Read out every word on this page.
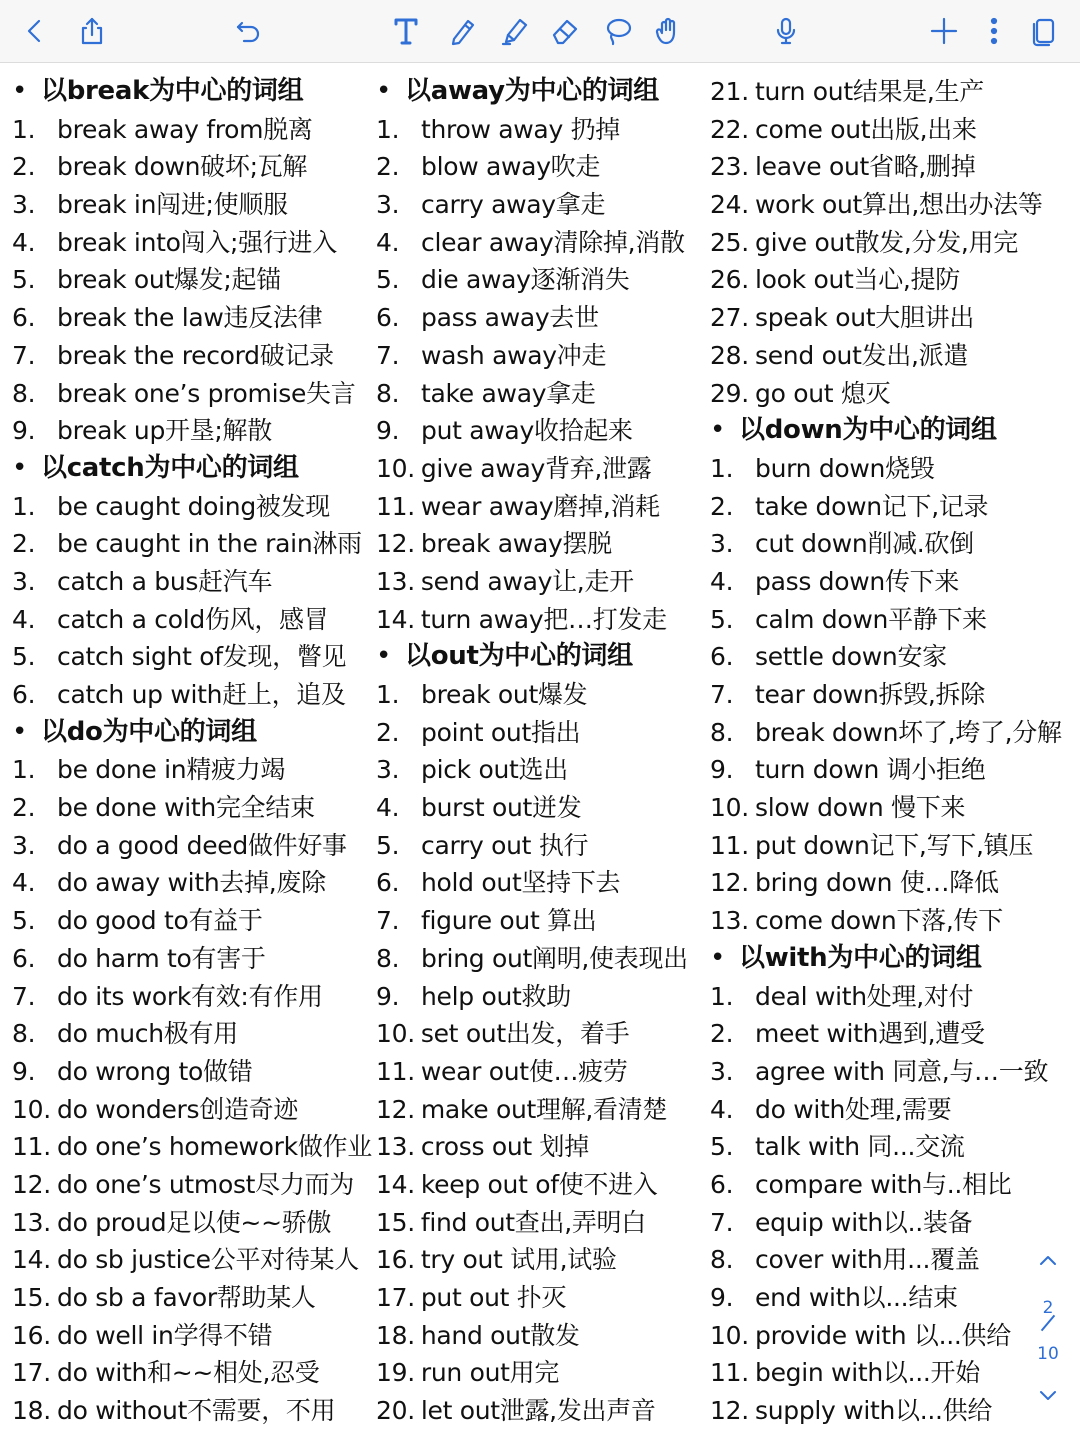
• 以break为中心的词组
1. break away from脱离
2. break down破坏;瓦解
3. break in闯进;使顺服
4. break into闯入;强行进入
5. break out爆发;起锚
6. break the law违反法律
7. break the record破记录
8. break one’s promise失言
9. break up开垦;解散
• 以catch为中心的词组
1. be caught doing被发现
2. be caught in the rain淋雨
3. catch a bus赶汽车
4. catch a cold伤风，感冒
5. catch sight of发现，瞥见
6. catch up with赶上，追及
• 以do为中心的词组
1. be done in精疲力竭
2. be done with完全结束
3. do a good deed做件好事
4. do away with去掉,废除
5. do good to有益于
6. do harm to有害于
7. do its work有效:有作用
8. do much极有用
9. do wrong to做错
10. do wonders创造奇迹
11. do one’s homework做作业
12. do one’s utmost尽力而为
13. do proud足以使~~骄傲
14. do sb justice公平对待某人
15. do sb a favor帮助某人
16. do well in学得不错
17. do with和~~相处,忍受
18. do without不需要，不用
• 以away为中心的词组
1. throw away 扔掉
2. blow away吹走
3. carry away拿走
4. clear away清除掉,消散
5. die away逐渐消失
6. pass away去世
7. wash away冲走
8. take away拿走
9. put away收拾起来
10. give away背弃,泄露
11. wear away磨掉,消耗
12. break away摆脱
13. send away让,走开
14. turn away把…打发走
• 以out为中心的词组
1. break out爆发
2. point out指出
3. pick out选出
4. burst out迸发
5. carry out 执行
6. hold out坚持下去
7. figure out 算出
8. bring out阐明,使表现出
9. help out救助
10. set out出发，着手
11. wear out使…疲劳
12. make out理解,看清楚
13. cross out 划掉
14. keep out of使不进入
15. find out查出,弄明白
16. try out 试用,试验
17. put out 扑灭
18. hand out散发
19. run out用完
20. let out泄露,发出声音
21. turn out结果是,生产
22. come out出版,出来
23. leave out省略,删掉
24. work out算出,想出办法等
25. give out散发,分发,用完
26. look out当心,提防
27. speak out大胆讲出
28. send out发出,派遣
29. go out 熄灭
• 以down为中心的词组
1. burn down烧毁
2. take down记下,记录
3. cut down削减.砍倒
4. pass down传下来
5. calm down平静下来
6. settle down安家
7. tear down拆毁,拆除
8. break down坏了,垮了,分解
9. turn down 调小拒绝
10. slow down 慢下来
11. put down记下,写下,镇压
12. bring down 使…降低
13. come down下落,传下
• 以with为中心的词组
1. deal with处理,对付
2. meet with遇到,遭受
3. agree with 同意,与…一致
4. do with处理,需要
5. talk with 同...交流
6. compare with与..相比
7. equip with以..装备
8. cover with用...覆盖
9. end with以...结束
10. provide with 以...供给
11. begin with以...开始
12. supply with以...供给
2
10
